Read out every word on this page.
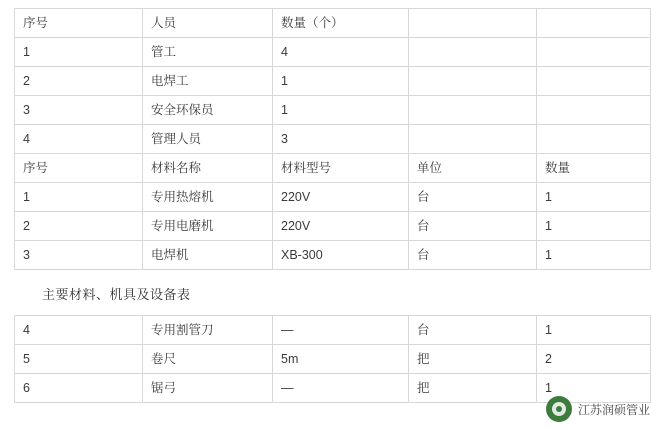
序号	人员	数量（个）		
1	管工	4		
2	电焊工	1		
3	安全环保员	1		
4	管理人员	3		
序号	材料名称	材料型号	单位	数量
1	专用热熔机	220V	台	1
2	专用电磨机	220V	台	1
3	电焊机	XB-300	台	1
主要材料、机具及设备表
4	专用割管刀	—	台	1
5	卷尺	5m	把	2
6	锯弓	—	把	1
江苏润硕管业
